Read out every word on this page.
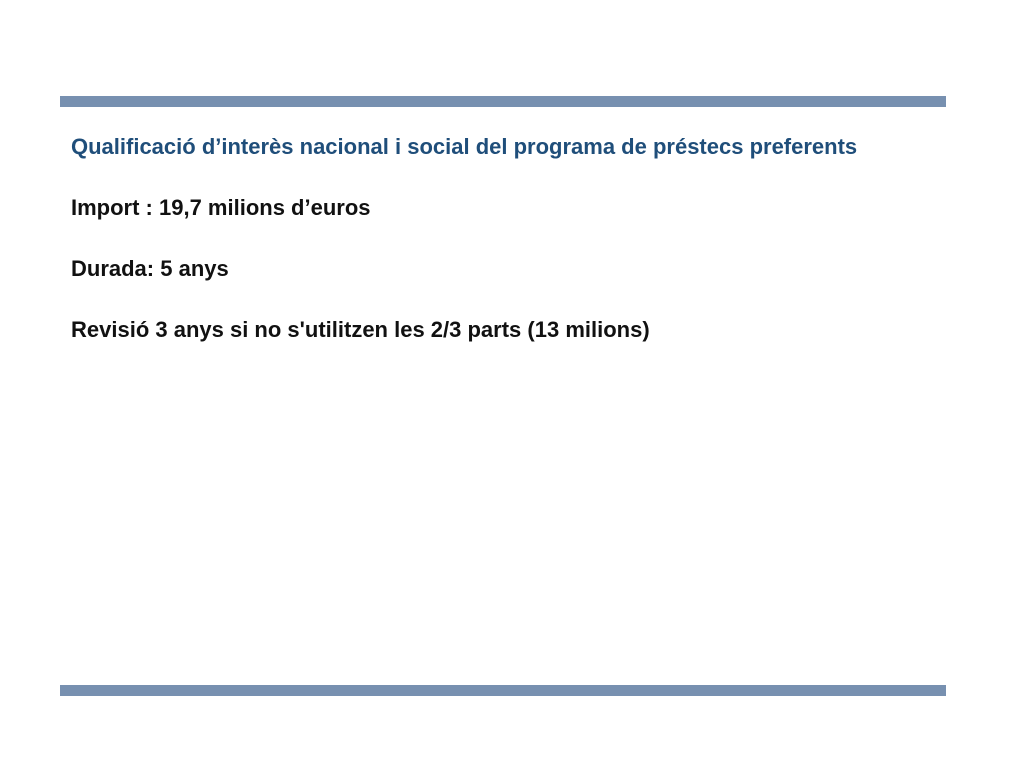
Qualificació d’interès nacional i social del programa de préstecs preferents

Import : 19,7 milions d’euros

Durada: 5 anys

Revisió 3 anys si no s'utilitzen les 2/3 parts (13 milions)
